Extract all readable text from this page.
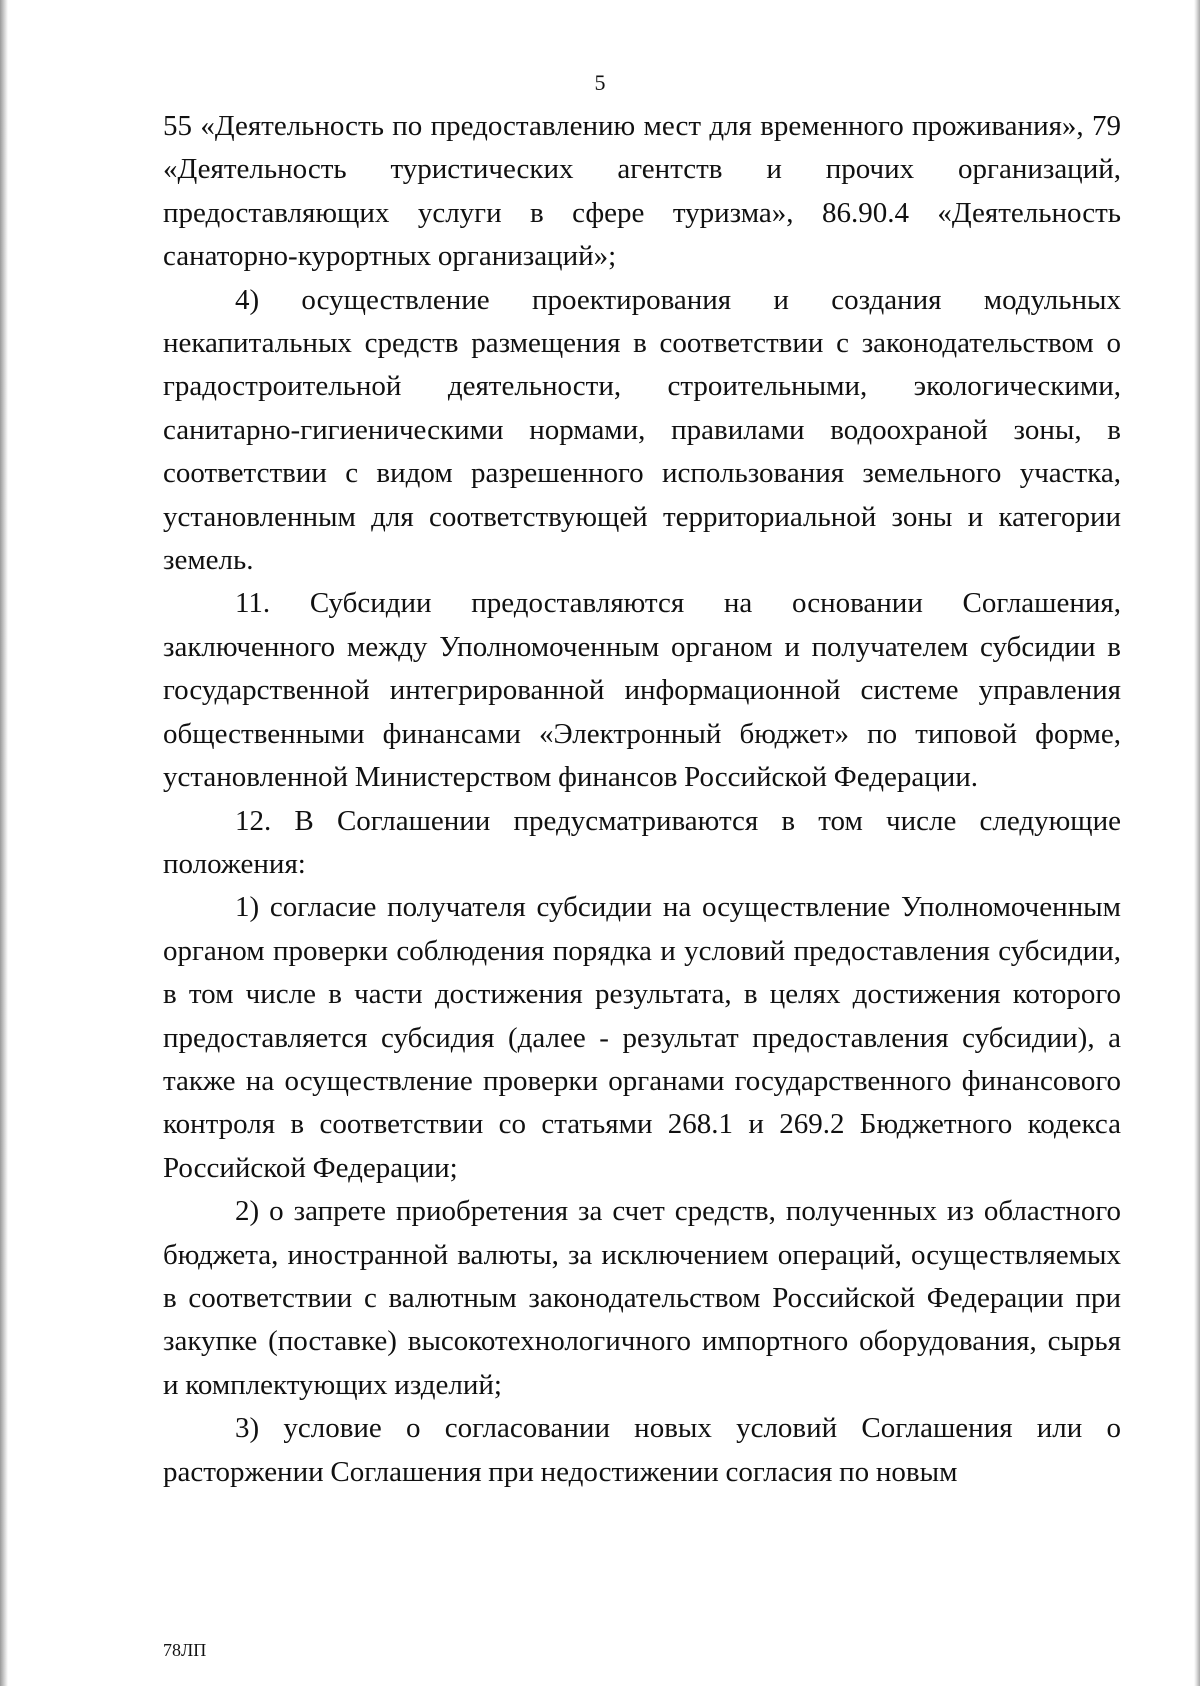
5

55 «Деятельность по предоставлению мест для временного проживания», 79 «Деятельность туристических агентств и прочих организаций, предоставляющих услуги в сфере туризма», 86.90.4 «Деятельность санаторно-курортных организаций»;

4) осуществление проектирования и создания модульных некапитальных средств размещения в соответствии с законодательством о градостроительной деятельности, строительными, экологическими, санитарно-гигиеническими нормами, правилами водоохраной зоны, в соответствии с видом разрешенного использования земельного участка, установленным для соответствующей территориальной зоны и категории земель.

11. Субсидии предоставляются на основании Соглашения, заключенного между Уполномоченным органом и получателем субсидии в государственной интегрированной информационной системе управления общественными финансами «Электронный бюджет» по типовой форме, установленной Министерством финансов Российской Федерации.

12. В Соглашении предусматриваются в том числе следующие положения:

1) согласие получателя субсидии на осуществление Уполномоченным органом проверки соблюдения порядка и условий предоставления субсидии, в том числе в части достижения результата, в целях достижения которого предоставляется субсидия (далее - результат предоставления субсидии), а также на осуществление проверки органами государственного финансового контроля в соответствии со статьями 268.1 и 269.2 Бюджетного кодекса Российской Федерации;

2) о запрете приобретения за счет средств, полученных из областного бюджета, иностранной валюты, за исключением операций, осуществляемых в соответствии с валютным законодательством Российской Федерации при закупке (поставке) высокотехнологичного импортного оборудования, сырья и комплектующих изделий;

3) условие о согласовании новых условий Соглашения или о расторжении Соглашения при недостижении согласия по новым

78ЛП
